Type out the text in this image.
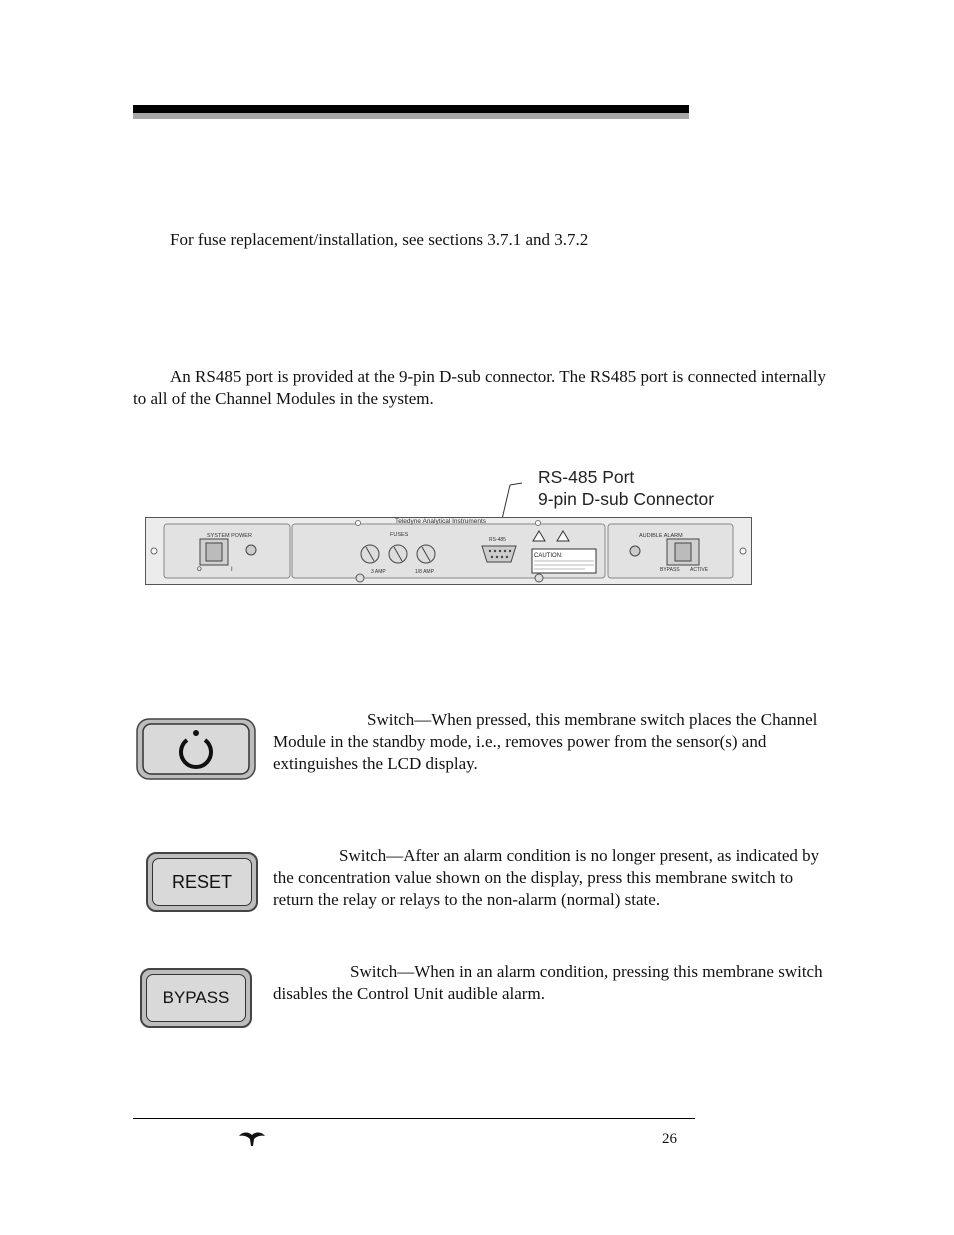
For fuse replacement/installation, see sections 3.7.1 and 3.7.2

An RS485 port is provided at the 9-pin D-sub connector. The RS485 port is connected internally to all of the Channel Modules in the system.

RS-485 Port
9-pin D-sub Connector
Teledyne Analytical Instruments
SYSTEM POWER
O	I
FUSES
3 AMP	1/8 AMP
RS-485
CAUTION:
AUDIBLE ALARM
BYPASS ACTIVE

Switch—When pressed, this membrane switch places the Channel Module in the standby mode, i.e., removes power from the sensor(s) and extinguishes the LCD display.

RESET

Switch—After an alarm condition is no longer present, as indicated by the concentration value shown on the display, press this membrane switch to return the relay or relays to the non-alarm (normal) state.

BYPASS

Switch—When in an alarm condition, pressing this membrane switch disables the Control Unit audible alarm.

26
